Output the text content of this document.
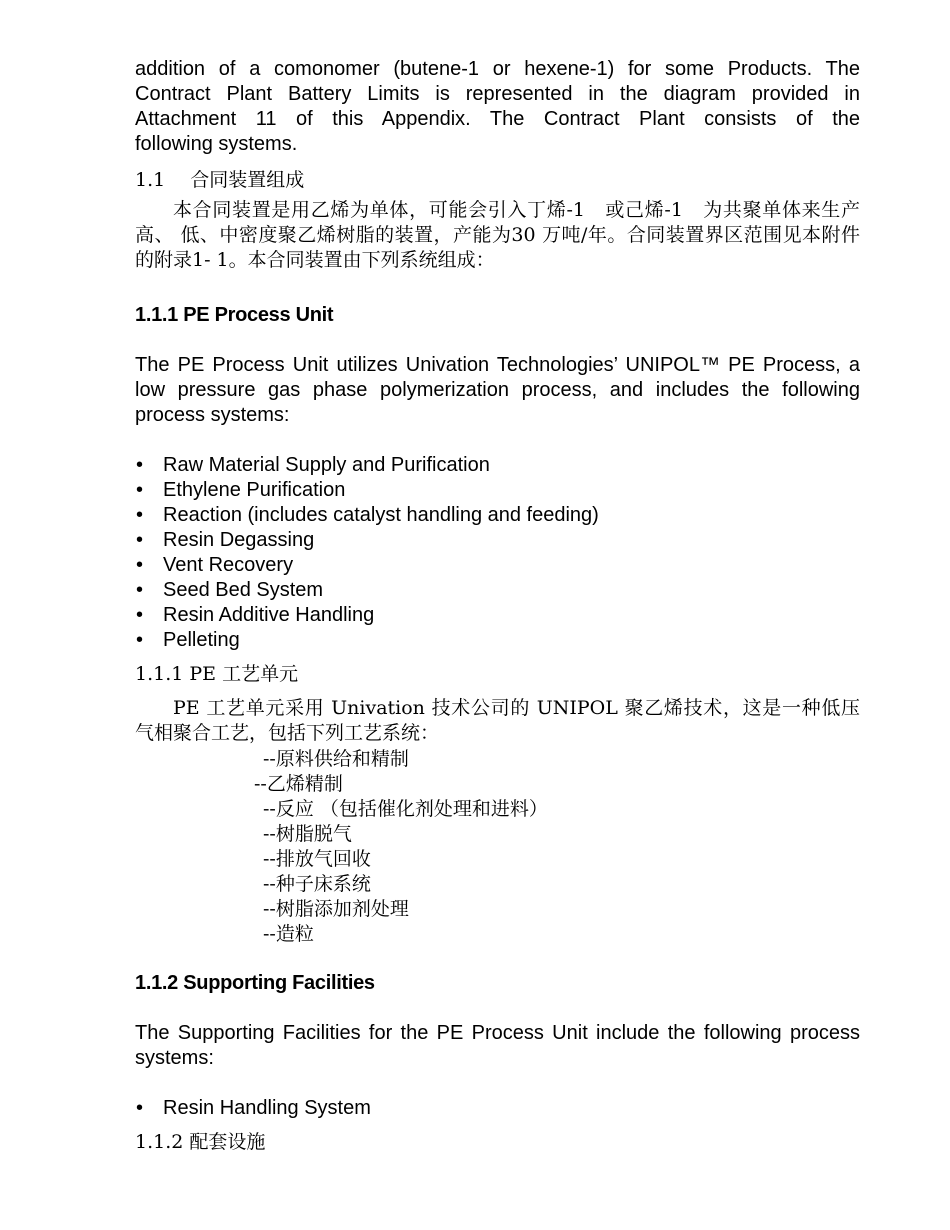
addition of a comonomer (butene-1 or hexene-1) for some Products. The
Contract Plant Battery Limits is represented in the diagram provided in
Attachment 11 of this Appendix. The Contract Plant consists of the
following systems.
1.1　 合同装置组成
本合同装置是用乙烯为单体，可能会引入丁烯-1　或己烯-1　为共聚单体来生产高、 低、中密度聚乙烯树脂的装置，产能为30 万吨/年。合同装置界区范围见本附件的附录1- 1。本合同装置由下列系统组成：
1.1.1 PE Process Unit
The PE Process Unit utilizes Univation Technologies’ UNIPOL™ PE Process, a low pressure gas phase polymerization process, and includes the following process systems:
• Raw Material Supply and Purification
• Ethylene Purification
• Reaction (includes catalyst handling and feeding)
• Resin Degassing
• Vent Recovery
• Seed Bed System
• Resin Additive Handling
• Pelleting
1.1.1 PE 工艺单元
PE 工艺单元采用 Univation 技术公司的 UNIPOL 聚乙烯技术，这是一种低压气相聚合工艺，包括下列工艺系统：
--原料供给和精制
--乙烯精制
--反应 （包括催化剂处理和进料）
--树脂脱气
--排放气回收
--种子床系统
--树脂添加剂处理
--造粒
1.1.2 Supporting Facilities
The Supporting Facilities for the PE Process Unit include the following process systems:
• Resin Handling System
1.1.2 配套设施
